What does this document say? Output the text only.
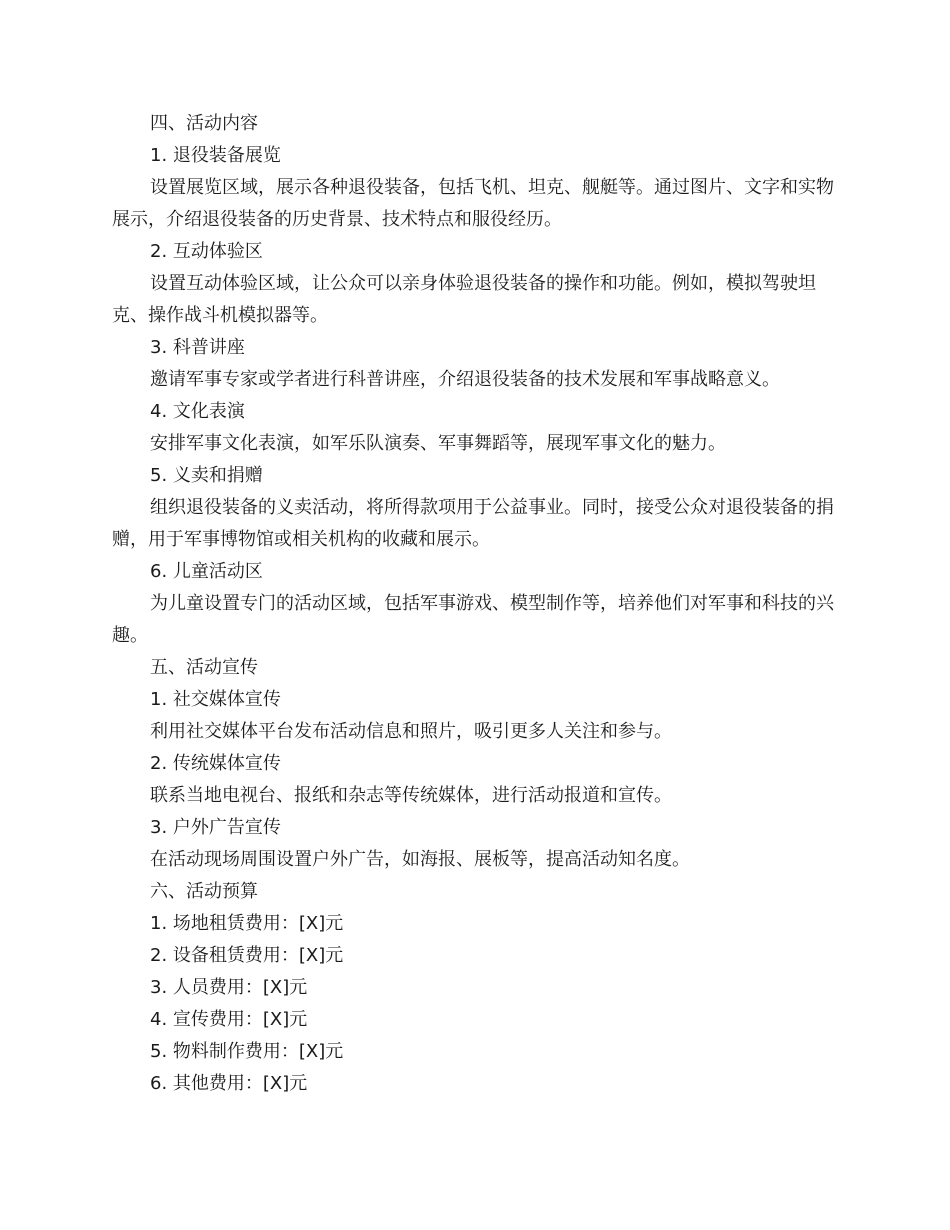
四、活动内容

1. 退役装备展览

设置展览区域，展示各种退役装备，包括飞机、坦克、舰艇等。通过图片、文字和实物展示，介绍退役装备的历史背景、技术特点和服役经历。

2. 互动体验区

设置互动体验区域，让公众可以亲身体验退役装备的操作和功能。例如，模拟驾驶坦克、操作战斗机模拟器等。

3. 科普讲座

邀请军事专家或学者进行科普讲座，介绍退役装备的技术发展和军事战略意义。

4. 文化表演

安排军事文化表演，如军乐队演奏、军事舞蹈等，展现军事文化的魅力。

5. 义卖和捐赠

组织退役装备的义卖活动，将所得款项用于公益事业。同时，接受公众对退役装备的捐赠，用于军事博物馆或相关机构的收藏和展示。

6. 儿童活动区

为儿童设置专门的活动区域，包括军事游戏、模型制作等，培养他们对军事和科技的兴趣。

五、活动宣传

1. 社交媒体宣传

利用社交媒体平台发布活动信息和照片，吸引更多人关注和参与。

2. 传统媒体宣传

联系当地电视台、报纸和杂志等传统媒体，进行活动报道和宣传。

3. 户外广告宣传

在活动现场周围设置户外广告，如海报、展板等，提高活动知名度。

六、活动预算

1. 场地租赁费用：[X]元

2. 设备租赁费用：[X]元

3. 人员费用：[X]元

4. 宣传费用：[X]元

5. 物料制作费用：[X]元

6. 其他费用：[X]元
